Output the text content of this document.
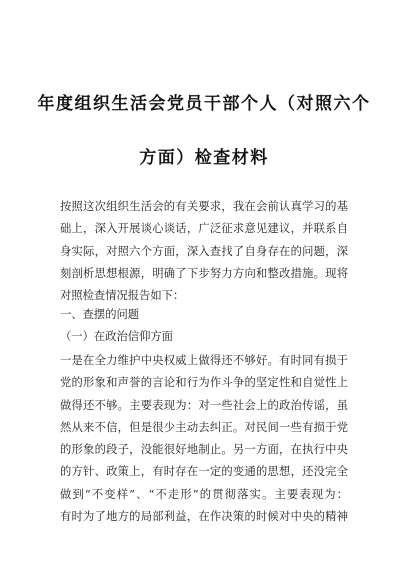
年度组织生活会党员干部个人（对照六个
方面）检查材料
按照这次组织生活会的有关要求，我在会前认真学习的基
础上，深入开展谈心谈话，广泛征求意见建议，并联系自
身实际，对照六个方面，深入查找了自身存在的问题，深
刻剖析思想根源，明确了下步努力方向和整改措施。现将
对照检查情况报告如下：
一、查摆的问题
（一）在政治信仰方面
一是在全力维护中央权威上做得还不够好。有时同有损于
党的形象和声誉的言论和行为作斗争的坚定性和自觉性上
做得还不够。主要表现为：对一些社会上的政治传谣，虽
然从来不信，但是很少主动去纠正。对民间一些有损于党
的形象的段子，没能很好地制止。另一方面，在执行中央
的方针、政策上，有时存在一定的变通的思想，还没完全
做到“不变样”、“不走形”的贯彻落实。主要表现为：
有时为了地方的局部利益，在作决策的时候对中央的精神
